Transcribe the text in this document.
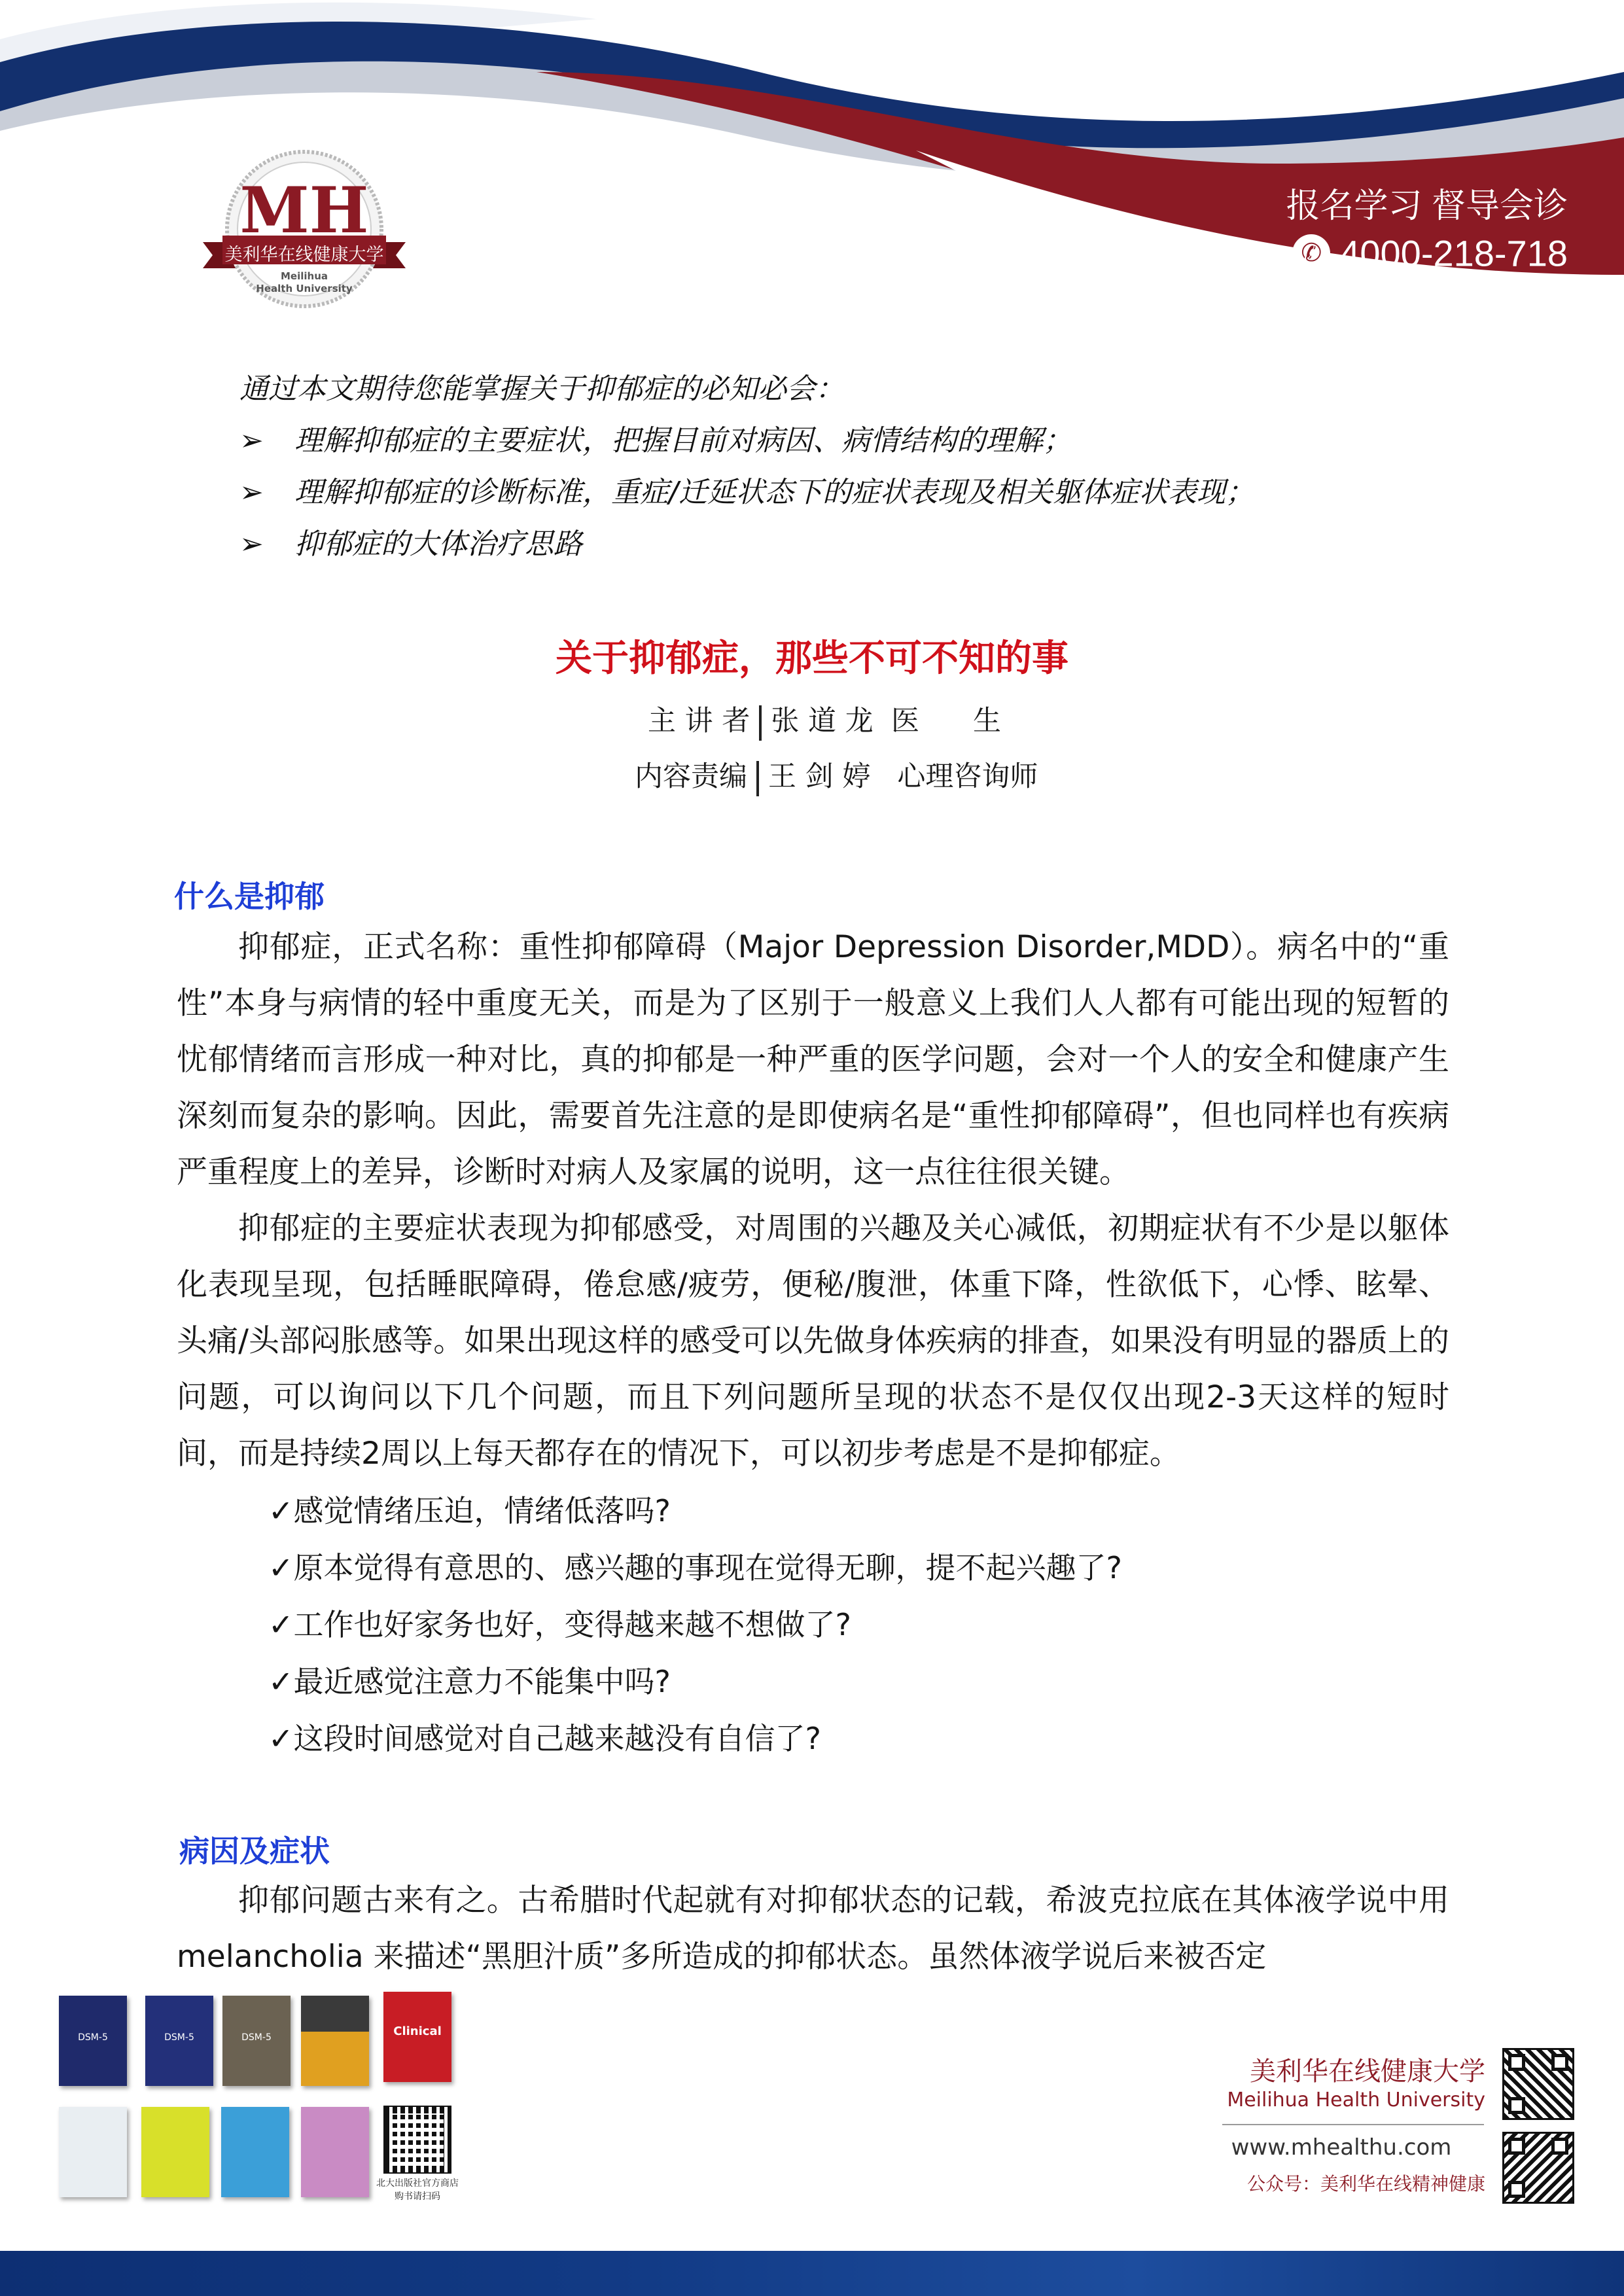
MH
美利华在线健康大学
Meilihua
Health University
报名学习 督导会诊
✆ 4000-218-718
通过本文期待您能掌握关于抑郁症的必知必会：
➢ 理解抑郁症的主要症状，把握目前对病因、病情结构的理解；
➢ 理解抑郁症的诊断标准，重症/迁延状态下的症状表现及相关躯体症状表现；
➢ 抑郁症的大体治疗思路
关于抑郁症，那些不可不知的事
主 讲 者 张 道 龙  医      生
内容责编 王 剑 婷   心理咨询师
什么是抑郁

抑郁症，正式名称：重性抑郁障碍（Major Depression Disorder,MDD）。病名中的“重性”本身与病情的轻中重度无关，而是为了区别于一般意义上我们人人都有可能出现的短暂的忧郁情绪而言形成一种对比，真的抑郁是一种严重的医学问题，会对一个人的安全和健康产生深刻而复杂的影响。因此，需要首先注意的是即使病名是“重性抑郁障碍”，但也同样也有疾病严重程度上的差异，诊断时对病人及家属的说明，这一点往往很关键。

抑郁症的主要症状表现为抑郁感受，对周围的兴趣及关心减低，初期症状有不少是以躯体化表现呈现，包括睡眠障碍，倦怠感/疲劳，便秘/腹泄，体重下降，性欲低下，心悸、眩晕、头痛/头部闷胀感等。如果出现这样的感受可以先做身体疾病的排查，如果没有明显的器质上的问题，可以询问以下几个问题，而且下列问题所呈现的状态不是仅仅出现2-3天这样的短时间，而是持续2周以上每天都存在的情况下，可以初步考虑是不是抑郁症。

✓感觉情绪压迫，情绪低落吗?
✓原本觉得有意思的、感兴趣的事现在觉得无聊，提不起兴趣了?
✓工作也好家务也好，变得越来越不想做了?
✓最近感觉注意力不能集中吗?
✓这段时间感觉对自己越来越没有自信了?
病因及症状

抑郁问题古来有之。古希腊时代起就有对抑郁状态的记载，希波克拉底在其体液学说中用 melancholia 来描述“黑胆汁质”多所造成的抑郁状态。虽然体液学说后来被否定

DSM-5	DSM-5	DSM-5	Clinical
北大出版社官方商店
购书请扫码
美利华在线健康大学
Meilihua Health University
www.mhealthu.com
公众号：美利华在线精神健康
